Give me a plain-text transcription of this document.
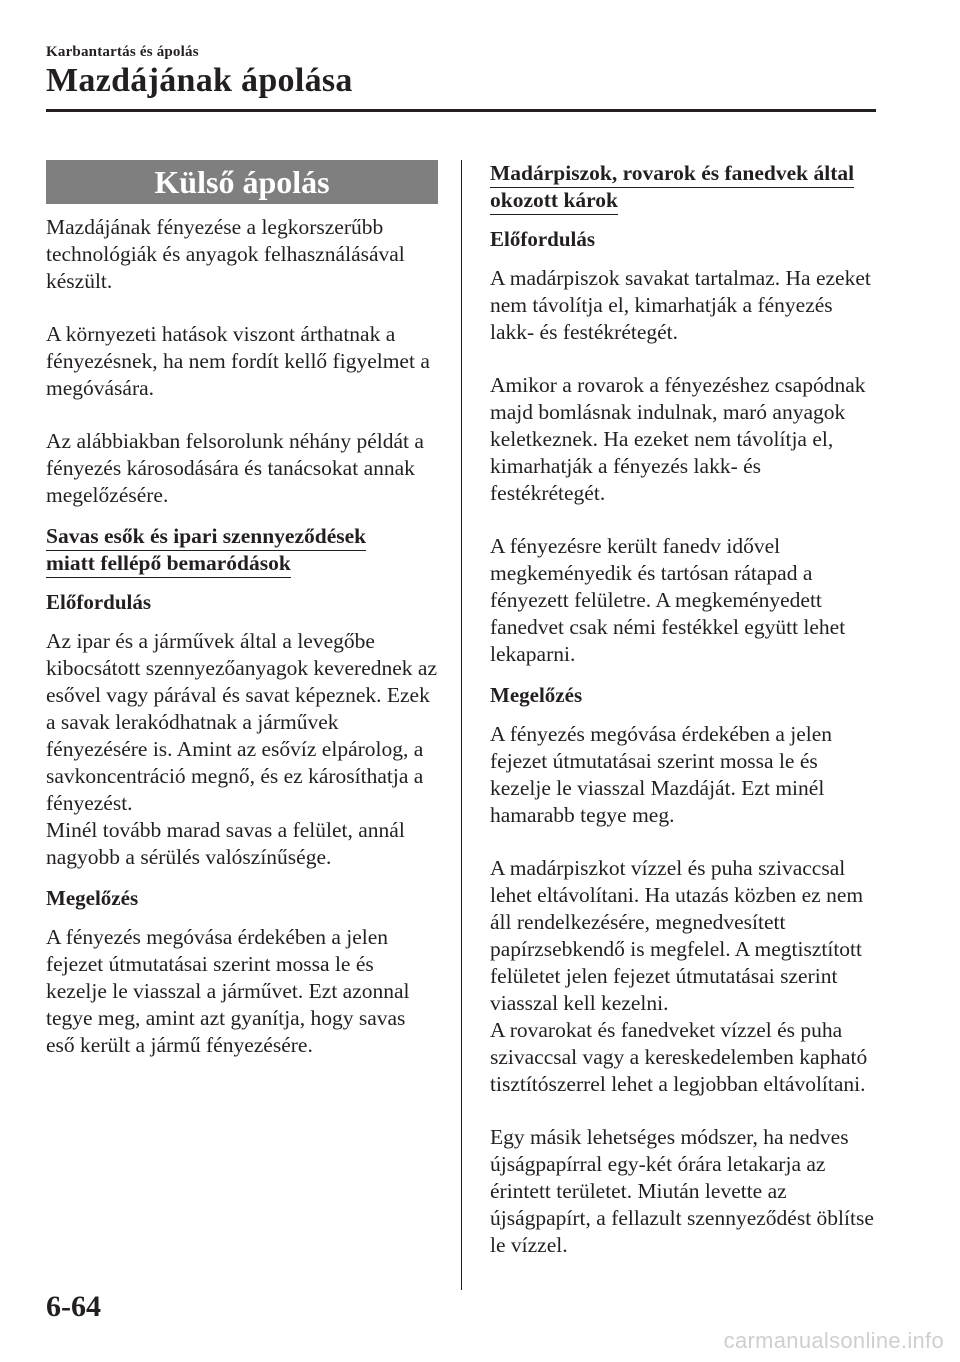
Karbantartás és ápolás
Mazdájának ápolása
Külső ápolás

Mazdájának fényezése a legkorszerűbb technológiák és anyagok felhasználásával készült.

A környezeti hatások viszont árthatnak a fényezésnek, ha nem fordít kellő figyelmet a megóvására.

Az alábbiakban felsorolunk néhány példát a fényezés károsodására és tanácsokat annak megelőzésére.

Savas esők és ipari szennyeződések
miatt fellépő bemaródások
Előfordulás

Az ipar és a járművek által a levegőbe kibocsátott szennyezőanyagok keverednek az esővel vagy párával és savat képeznek. Ezek a savak lerakódhatnak a járművek fényezésére is. Amint az esővíz elpárolog, a savkoncentráció megnő, és ez károsíthatja a fényezést.

Minél tovább marad savas a felület, annál nagyobb a sérülés valószínűsége.

Megelőzés

A fényezés megóvása érdekében a jelen fejezet útmutatásai szerint mossa le és kezelje le viasszal a járművet. Ezt azonnal tegye meg, amint azt gyanítja, hogy savas eső került a jármű fényezésére.

Madárpiszok, rovarok és fanedvek által
okozott károk
Előfordulás

A madárpiszok savakat tartalmaz. Ha ezeket nem távolítja el, kimarhatják a fényezés lakk- és festékrétegét.

Amikor a rovarok a fényezéshez csapódnak majd bomlásnak indulnak, maró anyagok keletkeznek. Ha ezeket nem távolítja el, kimarhatják a fényezés lakk- és festékrétegét.

A fényezésre került fanedv idővel megkeményedik és tartósan rátapad a fényezett felületre. A megkeményedett fanedvet csak némi festékkel együtt lehet lekaparni.

Megelőzés

A fényezés megóvása érdekében a jelen fejezet útmutatásai szerint mossa le és kezelje le viasszal Mazdáját. Ezt minél hamarabb tegye meg.

A madárpiszkot vízzel és puha szivaccsal lehet eltávolítani. Ha utazás közben ez nem áll rendelkezésére, megnedvesített papírzsebkendő is megfelel. A megtisztított felületet jelen fejezet útmutatásai szerint viasszal kell kezelni.

A rovarokat és fanedveket vízzel és puha szivaccsal vagy a kereskedelemben kapható tisztítószerrel lehet a legjobban eltávolítani.

Egy másik lehetséges módszer, ha nedves újságpapírral egy-két órára letakarja az érintett területet. Miután levette az újságpapírt, a fellazult szennyeződést öblítse le vízzel.

6-64
carmanualsonline.info
